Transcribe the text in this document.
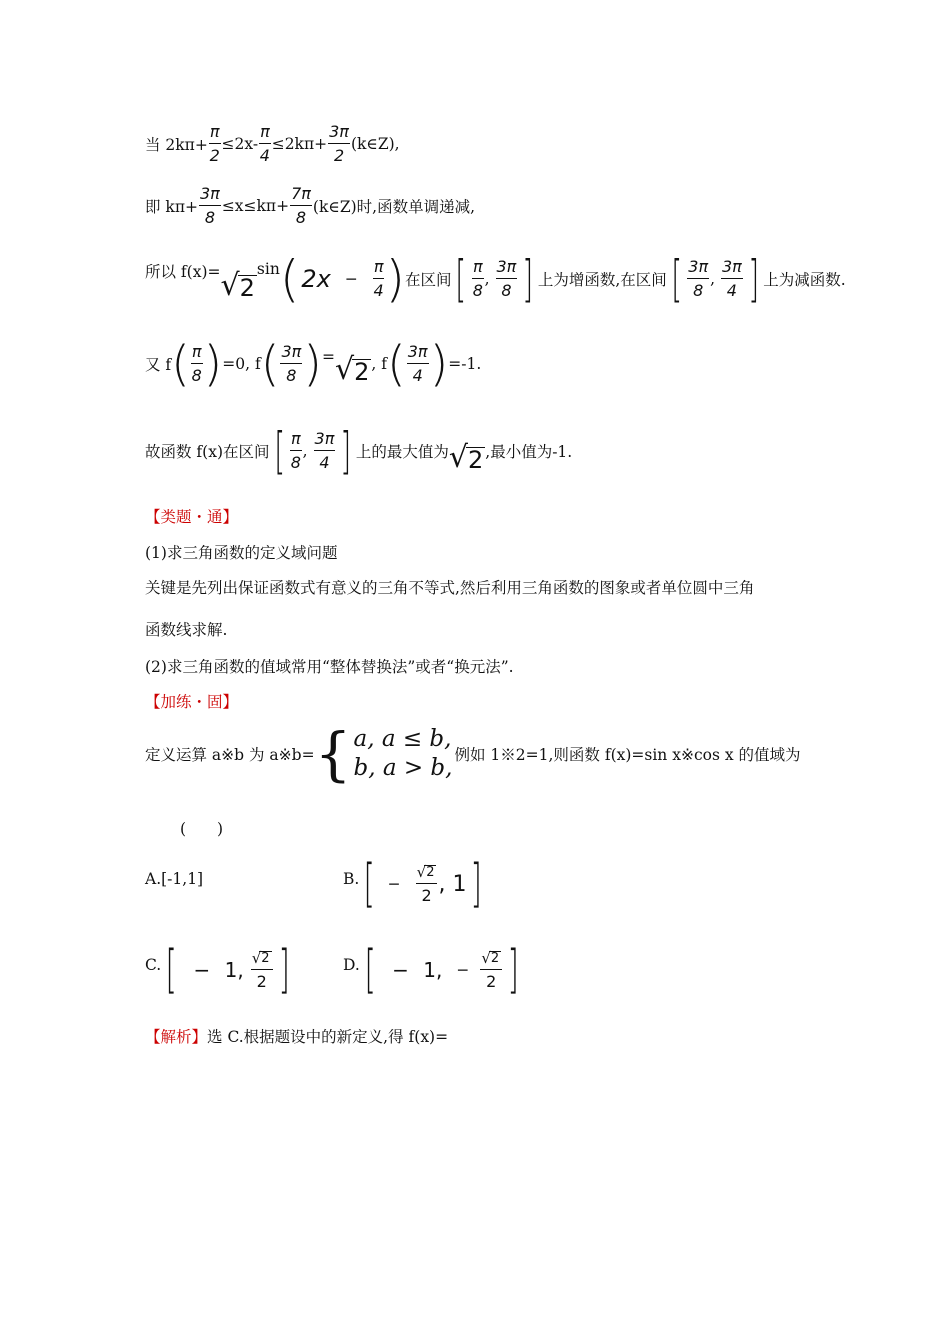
当 $2k\pi+ \frac{\pi}{2} \le 2x- \frac{\pi}{4} \le 2k\pi+ \frac{3\pi}{2}$ (k∈Z),
即 $k\pi+ \frac{3\pi}{8} \le x\le k\pi+ \frac{7\pi}{8}$ (k∈Z)时,函数单调递减,
所以 f(x)= √ 2
sin ( $2x - \frac{\pi}{4}$ ) 在区间 [ $\frac{\pi}{8}$ , $\frac{3\pi}{8}$ ] 上为增函数,在区间 [ $\frac{3\pi}{8}$ , $\frac{3\pi}{4}$ ] 上为减函数.
又 f ( $\frac{\pi}{8}$ ) =0, f ( $\frac{3\pi}{8}$ ) = √ 2 , f ( $\frac{3\pi}{4}$ ) =-1.
故函数 f(x)在区间 [ $\frac{\pi}{8}$ , $\frac{3\pi}{4}$ ] 上的最大值为 √ 2 ,最小值为-1.
【类题・通】
(1)求三角函数的定义域问题
关键是先列出保证函数式有意义的三角不等式,然后利用三角函数的图象或者单位圆中三角
函数线求解.
(2)求三角函数的值域常用“整体替换法”或者“换元法”.
【加练・固】
定义运算 a※b 为 a※b= { a, a ≤ b,
b, a > b, 例如 1※2=1,则函数 f(x)=sin x※cos x 的值域为
(　　)
A. [-1,1]	B. [ − $\frac{√ 2}{2}$ , 1 ]
C. [ − 1, $\frac{√ 2}{2}$ ]	D. [ − 1, − $\frac{√ 2}{2}$ ]
【解析】 选 C.根据题设中的新定义,得 f(x)=
